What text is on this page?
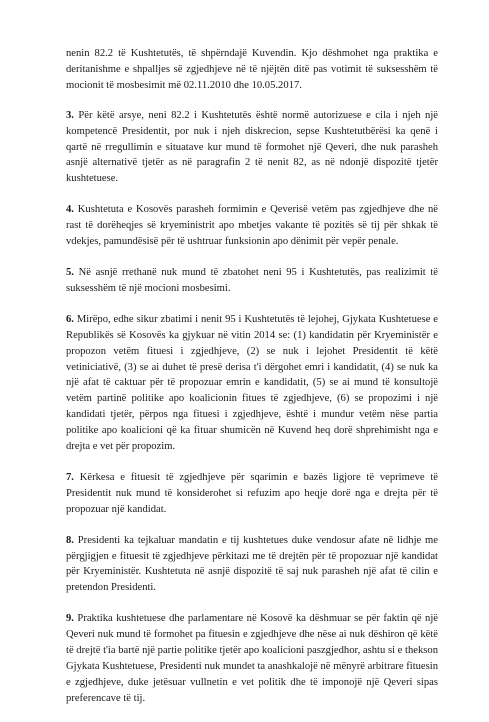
nenin 82.2 të Kushtetutës, të shpërndajë Kuvendin. Kjo dëshmohet nga praktika e deritanishme e shpalljes së zgjedhjeve në të njëjtën ditë pas votimit të suksesshëm të mocionit të mosbesimit më 02.11.2010 dhe 10.05.2017.

3. Për këtë arsye, neni 82.2 i Kushtetutës është normë autorizuese e cila i njeh një kompetencë Presidentit, por nuk i njeh diskrecion, sepse Kushtetutbërësi ka qenë i qartë në rregullimin e situatave kur mund të formohet një Qeveri, dhe nuk parasheh asnjë alternativë tjetër as në paragrafin 2 të nenit 82, as në ndonjë dispozitë tjetër kushtetuese.

4. Kushtetuta e Kosovës parasheh formimin e Qeverisë vetëm pas zgjedhjeve dhe në rast të dorëheqjes së kryeministrit apo mbetjes vakante të pozitës së tij për shkak të vdekjes, pamundësisë për të ushtruar funksionin apo dënimit për vepër penale.

5. Në asnjë rrethanë nuk mund të zbatohet neni 95 i Kushtetutës, pas realizimit të suksesshëm të një mocioni mosbesimi.

6. Mirëpo, edhe sikur zbatimi i nenit 95 i Kushtetutës të lejohej, Gjykata Kushtetuese e Republikës së Kosovës ka gjykuar në vitin 2014 se: (1) kandidatin për Kryeministër e propozon vetëm fituesi i zgjedhjeve, (2) se nuk i lejohet Presidentit të këtë vetiniciativë, (3) se ai duhet të presë derisa t'i dërgohet emri i kandidatit, (4) se nuk ka një afat të caktuar për të propozuar emrin e kandidatit, (5) se ai mund të konsultojë vetëm partinë politike apo koalicionin fitues të zgjedhjeve, (6) se propozimi i një kandidati tjetër, përpos nga fituesi i zgjedhjeve, është i mundur vetëm nëse partia politike apo koalicioni që ka fituar shumicën në Kuvend heq dorë shprehimisht nga e drejta e vet për propozim.

7. Kërkesa e fituesit të zgjedhjeve për sqarimin e bazës ligjore të veprimeve të Presidentit nuk mund të konsiderohet si refuzim apo heqje dorë nga e drejta për të propozuar një kandidat.

8. Presidenti ka tejkaluar mandatin e tij kushtetues duke vendosur afate në lidhje me përgjigjen e fituesit të zgjedhjeve përkitazi me të drejtën për të propozuar një kandidat për Kryeministër. Kushtetuta në asnjë dispozitë të saj nuk parasheh një afat të cilin e pretendon Presidenti.

9. Praktika kushtetuese dhe parlamentare në Kosovë ka dëshmuar se për faktin që një Qeveri nuk mund të formohet pa fituesin e zgjedhjeve dhe nëse ai nuk dëshiron që këtë të drejtë t'ia bartë një partie politike tjetër apo koalicioni paszgjedhor, ashtu si e thekson Gjykata Kushtetuese, Presidenti nuk mundet ta anashkalojë në mënyrë arbitrare fituesin e zgjedhjeve, duke jetësuar vullnetin e vet politik dhe të imponojë një Qeveri sipas preferencave të tij.
